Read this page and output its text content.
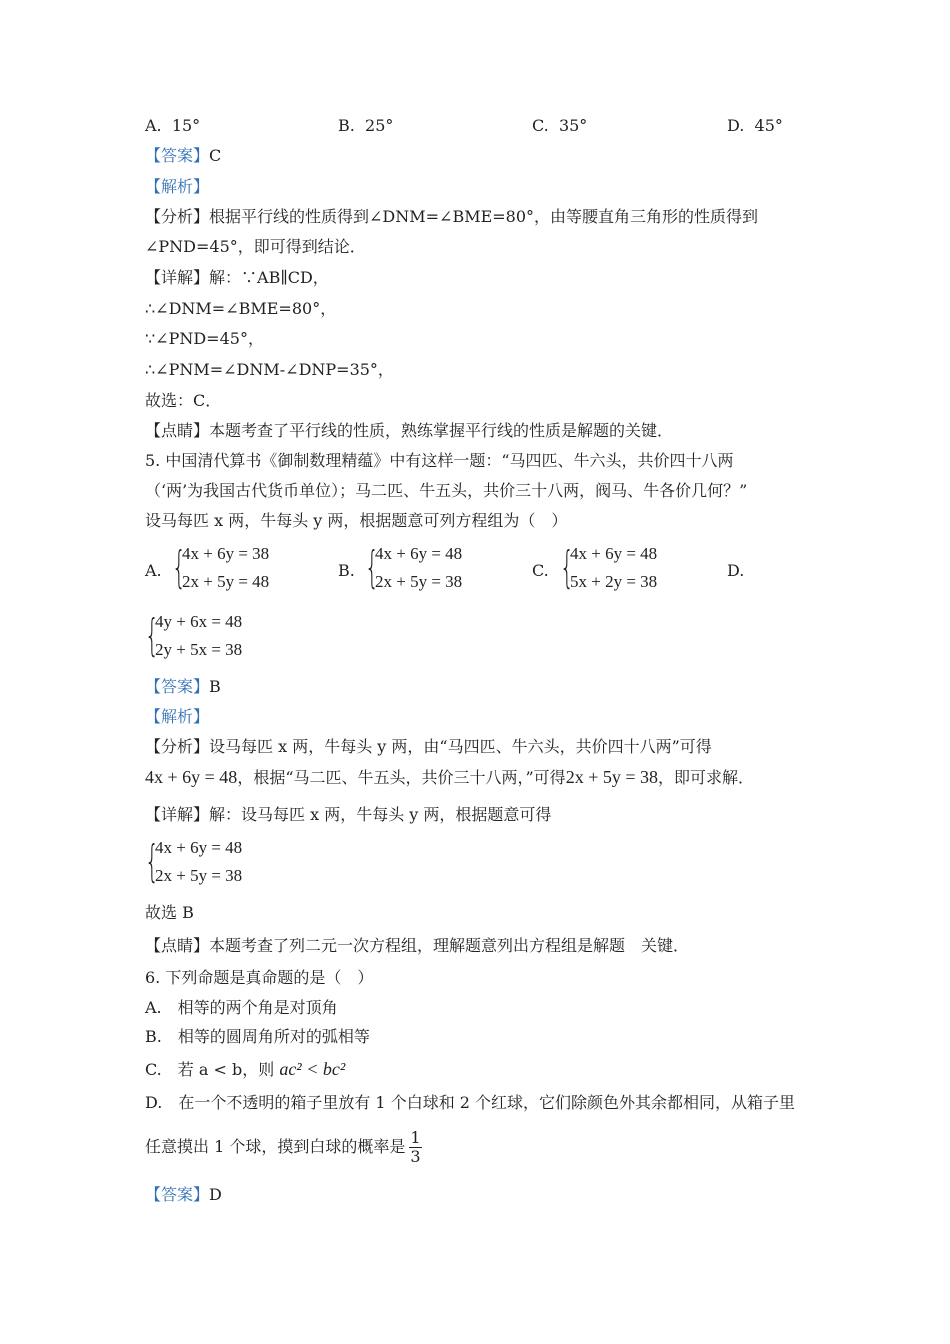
A. 15°	B. 25°	C. 35°	D. 45°
【答案】C
【解析】
【分析】根据平行线的性质得到∠DNM=∠BME=80°，由等腰直角三角形的性质得到
∠PND=45°，即可得到结论．
【详解】解：∵AB∥CD，
∴∠DNM=∠BME=80°，
∵∠PND=45°，
∴∠PNM=∠DNM-∠DNP=35°，
故选：C．
【点睛】本题考查了平行线的性质，熟练掌握平行线的性质是解题的关键．
5. 中国清代算书《御制数理精蕴》中有这样一题：“马四匹、牛六头，共价四十八两
（‘两’为我国古代货币单位）；马二匹、牛五头，共价三十八两，阀马、牛各价几何？”
设马每匹 x 两，牛每头 y 两，根据题意可列方程组为（　）
A. {
4x + 6y = 38
2x + 5y = 48
B. {
4x + 6y = 48
2x + 5y = 38
C. {
4x + 6y = 48
5x + 2y = 38
D.
{
4y + 6x = 48
2y + 5x = 38
【答案】B
【解析】
【分析】设马每匹 x 两，牛每头 y 两，由“马四匹、牛六头，共价四十八两”可得
4x + 6y = 48，根据“马二匹、牛五头，共价三十八两，”可得2x + 5y = 38，即可求解．
【详解】解：设马每匹 x 两，牛每头 y 两，根据题意可得
{
4x + 6y = 48
2x + 5y = 38
故选 B
【点睛】本题考查了列二元一次方程组，理解题意列出方程组是解题　关键．
6. 下列命题是真命题的是（　）
A.　相等的两个角是对顶角
B.　相等的圆周角所对的弧相等
C.　若 a < b，则 ac² < bc²
D.　在一个不透明的箱子里放有 1 个白球和 2 个红球，它们除颜色外其余都相同，从箱子里
任意摸出 1 个球，摸到白球的概率是 $\frac{1}{3}$
【答案】D
